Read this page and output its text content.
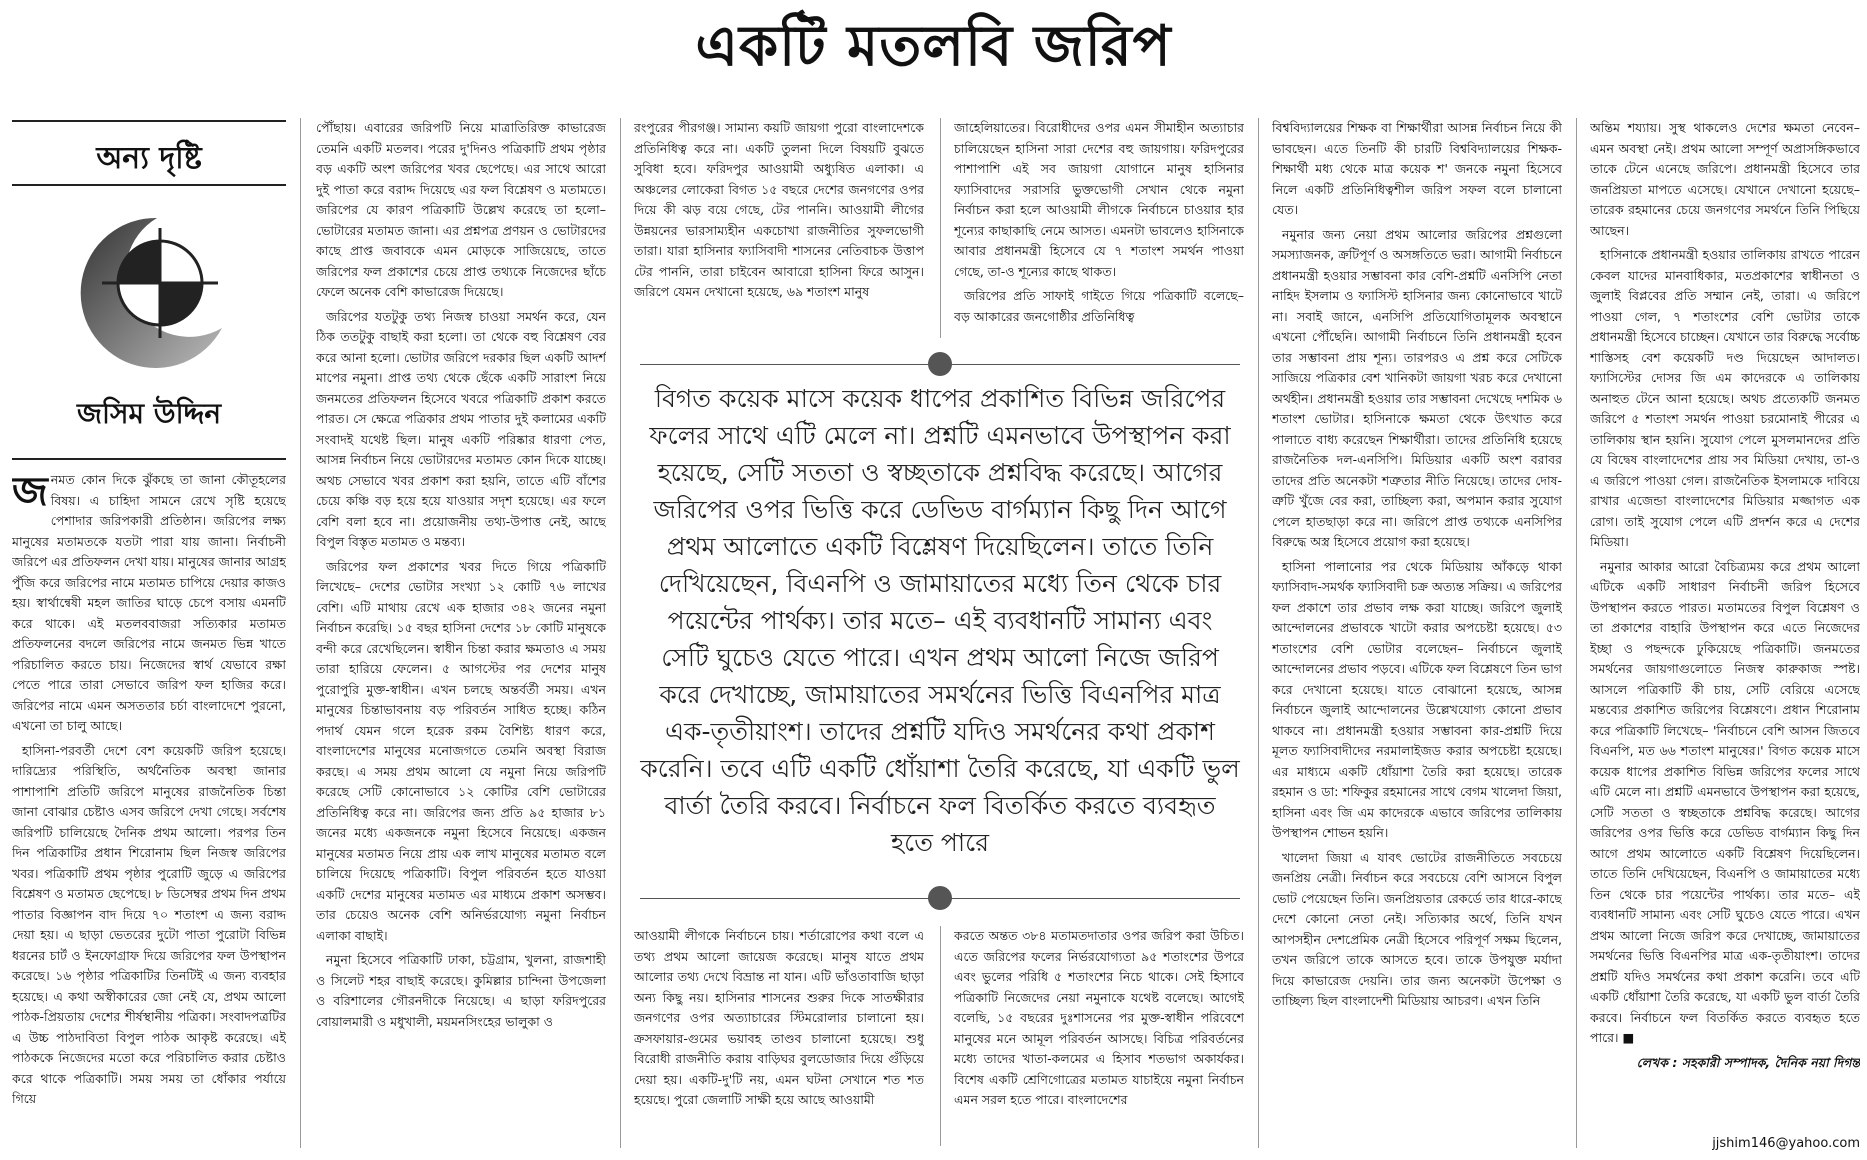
একটি মতলবি জরিপ
অন্য দৃষ্টি
জসিম উদ্দিন

জনমত কোন দিকে ঝুঁকছে তা জানা কৌতূহলের বিষয়। এ চাহিদা সামনে রেখে সৃষ্টি হয়েছে পেশাদার জরিপকারী প্রতিষ্ঠান। জরিপের লক্ষ্য মানুষের মতামতকে যতটা পারা যায় জানা। নির্বাচনী জরিপে এর প্রতিফলন দেখা যায়। মানুষের জানার আগ্রহ পুঁজি করে জরিপের নামে মতামত চাপিয়ে দেয়ার কাজও হয়। স্বার্থান্বেষী মহল জাতির ঘাড়ে চেপে বসায় এমনটি করে থাকে। এই মতলববাজরা সত্যিকার মতামত প্রতিফলনের বদলে জরিপের নামে জনমত ভিন্ন খাতে পরিচালিত করতে চায়। নিজেদের স্বার্থ যেভাবে রক্ষা পেতে পারে তারা সেভাবে জরিপ ফল হাজির করে। জরিপের নামে এমন অসততার চর্চা বাংলাদেশে পুরনো, এখনো তা চালু আছে।

হাসিনা-পরবর্তী দেশে বেশ কয়েকটি জরিপ হয়েছে। দারিদ্র্যের পরিস্থিতি, অর্থনৈতিক অবস্থা জানার পাশাপাশি প্রতিটি জরিপে মানুষের রাজনৈতিক চিন্তা জানা বোঝার চেষ্টাও এসব জরিপে দেখা গেছে। সর্বশেষ জরিপটি চালিয়েছে দৈনিক প্রথম আলো। পরপর তিন দিন পত্রিকাটির প্রধান শিরোনাম ছিল নিজস্ব জরিপের খবর। পত্রিকাটি প্রথম পৃষ্ঠার পুরোটি জুড়ে এ জরিপের বিশ্লেষণ ও মতামত ছেপেছে। ৮ ডিসেম্বর প্রথম দিন প্রথম পাতার বিজ্ঞাপন বাদ দিয়ে ৭০ শতাংশ এ জন্য বরাদ্দ দেয়া হয়। এ ছাড়া ভেতরের দুটো পাতা পুরোটা বিভিন্ন ধরনের চার্ট ও ইনফোগ্রাফ দিয়ে জরিপের ফল উপস্থাপন করেছে। ১৬ পৃষ্ঠার পত্রিকাটির তিনটিই এ জন্য ব্যবহার হয়েছে। এ কথা অস্বীকারের জো নেই যে, প্রথম আলো পাঠক-প্রিয়তায় দেশের শীর্ষস্থানীয় পত্রিকা। সংবাদপত্রটির এ উচ্চ পাঠদাবিতা বিপুল পাঠক আকৃষ্ট করেছে। এই পাঠককে নিজেদের মতো করে পরিচালিত করার চেষ্টাও করে থাকে পত্রিকাটি। সময় সময় তা ধোঁকার পর্যায়ে গিয়ে

পৌঁছায়। এবারের জরিপটি নিয়ে মাত্রাতিরিক্ত কাভারেজ তেমনি একটি মতলব। পরের দু'দিনও পত্রিকাটি প্রথম পৃষ্ঠার বড় একটি অংশ জরিপের খবর ছেপেছে। এর সাথে আরো দুই পাতা করে বরাদ্দ দিয়েছে এর ফল বিশ্লেষণ ও মতামতে। জরিপের যে কারণ পত্রিকাটি উল্লেখ করেছে তা হলো– ভোটারের মতামত জানা। এর প্রশ্নপত্র প্রণয়ন ও ভোটারদের কাছে প্রাপ্ত জবাবকে এমন মোড়কে সাজিয়েছে, তাতে জরিপের ফল প্রকাশের চেয়ে প্রাপ্ত তথ্যকে নিজেদের ছাঁচে ফেলে অনেক বেশি কাভারেজ দিয়েছে।

জরিপের যতটুকু তথ্য নিজস্ব চাওয়া সমর্থন করে, যেন ঠিক ততটুকু বাছাই করা হলো। তা থেকে বহু বিশ্লেষণ বের করে আনা হলো। ভোটার জরিপে দরকার ছিল একটি আদর্শ মাপের নমুনা। প্রাপ্ত তথ্য থেকে ছেঁকে একটি সারাংশ নিয়ে জনমতের প্রতিফলন হিসেবে খবরে পত্রিকাটি প্রকাশ করতে পারত। সে ক্ষেত্রে পত্রিকার প্রথম পাতার দুই কলামের একটি সংবাদই যথেষ্ট ছিল। মানুষ একটি পরিষ্কার ধারণা পেত, আসন্ন নির্বাচন নিয়ে ভোটারদের মতামত কোন দিকে যাচ্ছে। অথচ সেভাবে খবর প্রকাশ করা হয়নি, তাতে এটি বাঁশের চেয়ে কঞ্চি বড় হয়ে হয়ে যাওয়ার সদৃশ হয়েছে। এর ফলে বেশি বলা হবে না। প্রয়োজনীয় তথ্য-উপাত্ত নেই, আছে বিপুল বিস্তৃত মতামত ও মন্তব্য।

জরিপের ফল প্রকাশের খবর দিতে গিয়ে পত্রিকাটি লিখেছে– দেশের ভোটার সংখ্যা ১২ কোটি ৭৬ লাখের বেশি। এটি মাথায় রেখে এক হাজার ৩৪২ জনের নমুনা নির্বাচন করেছি। ১৫ বছর হাসিনা দেশের ১৮ কোটি মানুষকে বন্দী করে রেখেছিলেন। স্বাধীন চিন্তা করার ক্ষমতাও এ সময় তারা হারিয়ে ফেলেন। ৫ আগস্টের পর দেশের মানুষ পুরোপুরি মুক্ত-স্বাধীন। এখন চলছে অন্তর্বর্তী সময়। এখন মানুষের চিন্তাভাবনায় বড় পরিবর্তন সাধিত হচ্ছে। কঠিন পদার্থ যেমন গলে হরেক রকম বৈশিষ্ট্য ধারণ করে, বাংলাদেশের মানুষের মনোজগতে তেমনি অবস্থা বিরাজ করছে। এ সময় প্রথম আলো যে নমুনা নিয়ে জরিপটি করেছে সেটি কোনোভাবে ১২ কোটির বেশি ভোটারের প্রতিনিধিত্ব করে না। জরিপের জন্য প্রতি ৯৫ হাজার ৮১ জনের মধ্যে একজনকে নমুনা হিসেবে নিয়েছে। একজন মানুষের মতামত নিয়ে প্রায় এক লাখ মানুষের মতামত বলে চালিয়ে দিয়েছে পত্রিকাটি। বিপুল পরিবর্তন হতে যাওয়া একটি দেশের মানুষের মতামত এর মাধ্যমে প্রকাশ অসম্ভব। তার চেয়েও অনেক বেশি অনির্ভরযোগ্য নমুনা নির্বাচন এলাকা বাছাই।

নমুনা হিসেবে পত্রিকাটি ঢাকা, চট্টগ্রাম, খুলনা, রাজশাহী ও সিলেট শহর বাছাই করেছে। কুমিল্লার চান্দিনা উপজেলা ও বরিশালের গৌরনদীকে নিয়েছে। এ ছাড়া ফরিদপুরের বোয়ালমারী ও মধুখালী, ময়মনসিংহের ভালুকা ও

রংপুরের পীরগঞ্জ। সামান্য কয়টি জায়গা পুরো বাংলাদেশকে প্রতিনিধিত্ব করে না। একটি তুলনা দিলে বিষয়টি বুঝতে সুবিধা হবে। ফরিদপুর আওয়ামী অধ্যুষিত এলাকা। এ অঞ্চলের লোকেরা বিগত ১৫ বছরে দেশের জনগণের ওপর দিয়ে কী ঝড় বয়ে গেছে, টের পাননি। আওয়ামী লীগের উন্নয়নের ভারসাম্যহীন একচোখা রাজনীতির সুফলভোগী তারা। যারা হাসিনার ফ্যাসিবাদী শাসনের নেতিবাচক উত্তাপ টের পাননি, তারা চাইবেন আবারো হাসিনা ফিরে আসুন। জরিপে যেমন দেখানো হয়েছে, ৬৯ শতাংশ মানুষ

জাহেলিয়াতের। বিরোধীদের ওপর এমন সীমাহীন অত্যাচার চালিয়েছেন হাসিনা সারা দেশের বহু জায়গায়। ফরিদপুরের পাশাপাশি এই সব জায়গা যোগানে মানুষ হাসিনার ফ্যাসিবাদের সরাসরি ভুক্তভোগী সেখান থেকে নমুনা নির্বাচন করা হলে আওয়ামী লীগকে নির্বাচনে চাওয়ার হার শূন্যের কাছাকাছি নেমে আসত। এমনটা ভাবলেও হাসিনাকে আবার প্রধানমন্ত্রী হিসেবে যে ৭ শতাংশ সমর্থন পাওয়া গেছে, তা-ও শূন্যের কাছে থাকত।

জরিপের প্রতি সাফাই গাইতে গিয়ে পত্রিকাটি বলেছে– বড় আকারের জনগোষ্ঠীর প্রতিনিধিত্ব

বিগত কয়েক মাসে কয়েক ধাপের প্রকাশিত বিভিন্ন জরিপের ফলের সাথে এটি মেলে না। প্রশ্নটি এমনভাবে উপস্থাপন করা হয়েছে, সেটি সততা ও স্বচ্ছতাকে প্রশ্নবিদ্ধ করেছে। আগের জরিপের ওপর ভিত্তি করে ডেভিড বার্গম্যান কিছু দিন আগে প্রথম আলোতে একটি বিশ্লেষণ দিয়েছিলেন। তাতে তিনি দেখিয়েছেন, বিএনপি ও জামায়াতের মধ্যে তিন থেকে চার পয়েন্টের পার্থক্য। তার মতে– এই ব্যবধানটি সামান্য এবং সেটি ঘুচেও যেতে পারে। এখন প্রথম আলো নিজে জরিপ করে দেখাচ্ছে, জামায়াতের সমর্থনের ভিত্তি বিএনপির মাত্র এক-তৃতীয়াংশ। তাদের প্রশ্নটি যদিও সমর্থনের কথা প্রকাশ করেনি। তবে এটি একটি ধোঁয়াশা তৈরি করেছে, যা একটি ভুল বার্তা তৈরি করবে। নির্বাচনে ফল বিতর্কিত করতে ব্যবহৃত হতে পারে

আওয়ামী লীগকে নির্বাচনে চায়। শর্তারোপের কথা বলে এ তথ্য প্রথম আলো জায়েজ করেছে। মানুষ যাতে প্রথম আলোর তথ্য দেখে বিভ্রান্ত না যান। এটি ভাঁওতাবাজি ছাড়া অন্য কিছু নয়। হাসিনার শাসনের শুরুর দিকে সাতক্ষীরার জনগণের ওপর অত্যাচারের স্টিমরোলার চালানো হয়। ক্রসফায়ার-গুমের ভয়াবহ তাণ্ডব চালানো হয়েছে। শুধু বিরোধী রাজনীতি করায় বাড়িঘর বুলডোজার দিয়ে গুঁড়িয়ে দেয়া হয়। একটি-দু'টি নয়, এমন ঘটনা সেখানে শত শত হয়েছে। পুরো জেলাটি সাক্ষী হয়ে আছে আওয়ামী

করতে অন্তত ৩৮৪ মতামতদাতার ওপর জরিপ করা উচিত। এতে জরিপের ফলের নির্ভরযোগ্যতা ৯৫ শতাংশের উপরে এবং ভুলের পরিধি ৫ শতাংশের নিচে থাকে। সেই হিসাবে পত্রিকাটি নিজেদের নেয়া নমুনাকে যথেষ্ট বলেছে। আগেই বলেছি, ১৫ বছরের দুঃশাসনের পর মুক্ত-স্বাধীন পরিবেশে মানুষের মনে আমূল পরিবর্তন আসছে। বিচিত্র পরিবর্তনের মধ্যে তাদের খাতা-কলমের এ হিসাব শতভাগ অকার্যকর। বিশেষ একটি শ্রেণিগোত্রের মতামত যাচাইয়ে নমুনা নির্বাচন এমন সরল হতে পারে। বাংলাদেশের

বিশ্ববিদ্যালয়ের শিক্ষক বা শিক্ষার্থীরা আসন্ন নির্বাচন নিয়ে কী ভাবছেন। এতে তিনটি কী চারটি বিশ্ববিদ্যালয়ের শিক্ষক-শিক্ষার্থী মধ্য থেকে মাত্র কয়েক শ' জনকে নমুনা হিসেবে নিলে একটি প্রতিনিধিত্বশীল জরিপ সফল বলে চালানো যেত।

নমুনার জন্য নেয়া প্রথম আলোর জরিপের প্রশ্নগুলো সমস্যাজনক, ক্রটিপূর্ণ ও অসঙ্গতিতে ভরা। আগামী নির্বাচনে প্রধানমন্ত্রী হওয়ার সম্ভাবনা কার বেশি-প্রশ্নটি এনসিপি নেতা নাহিদ ইসলাম ও ফ্যাসিস্ট হাসিনার জন্য কোনোভাবে খাটে না। সবাই জানে, এনসিপি প্রতিযোগিতামূলক অবস্থানে এখনো পৌঁছেনি। আগামী নির্বাচনে তিনি প্রধানমন্ত্রী হবেন তার সম্ভাবনা প্রায় শূন্য। তারপরও এ প্রশ্ন করে সেটিকে সাজিয়ে পত্রিকার বেশ খানিকটা জায়গা খরচ করে দেখানো অর্থহীন। প্রধানমন্ত্রী হওয়ার তার সম্ভাবনা দেখেছে দশমিক ৬ শতাংশ ভোটার। হাসিনাকে ক্ষমতা থেকে উৎখাত করে পালাতে বাধ্য করেছেন শিক্ষার্থীরা। তাদের প্রতিনিধি হয়েছে রাজনৈতিক দল-এনসিপি। মিডিয়ার একটি অংশ বরাবর তাদের প্রতি অনেকটা শত্রুতার নীতি নিয়েছে। তাদের দোষ-ত্রুটি খুঁজে বের করা, তাচ্ছিল্য করা, অপমান করার সুযোগ পেলে হাতছাড়া করে না। জরিপে প্রাপ্ত তথ্যকে এনসিপির বিরুদ্ধে অস্ত্র হিসেবে প্রয়োগ করা হয়েছে।

হাসিনা পালানোর পর থেকে মিডিয়ায় আঁকড়ে থাকা ফ্যাসিবাদ-সমর্থক ফ্যাসিবাদী চক্র অত্যন্ত সক্রিয়। এ জরিপের ফল প্রকাশে তার প্রভাব লক্ষ করা যাচ্ছে। জরিপে জুলাই আন্দোলনের প্রভাবকে খাটো করার অপচেষ্টা হয়েছে। ৫৩ শতাংশের বেশি ভোটার বলেছেন– নির্বাচনে জুলাই আন্দোলনের প্রভাব পড়বে। এটিকে ফল বিশ্লেষণে তিন ভাগ করে দেখানো হয়েছে। যাতে বোঝানো হয়েছে, আসন্ন নির্বাচনে জুলাই আন্দোলনের উল্লেখযোগ্য কোনো প্রভাব থাকবে না। প্রধানমন্ত্রী হওয়ার সম্ভাবনা কার-প্রশ্নটি দিয়ে মূলত ফ্যাসিবাদীদের নরমালাইজড করার অপচেষ্টা হয়েছে। এর মাধ্যমে একটি ধোঁয়াশা তৈরি করা হয়েছে। তারেক রহমান ও ডা: শফিকুর রহমানের সাথে বেগম খালেদা জিয়া, হাসিনা এবং জি এম কাদেরকে এভাবে জরিপের তালিকায় উপস্থাপন শোভন হয়নি।

খালেদা জিয়া এ যাবৎ ভোটের রাজনীতিতে সবচেয়ে জনপ্রিয় নেত্রী। নির্বাচন করে সবচেয়ে বেশি আসনে বিপুল ভোট পেয়েছেন তিনি। জনপ্রিয়তার রেকর্ডে তার ধারে-কাছে দেশে কোনো নেতা নেই। সত্যিকার অর্থে, তিনি যখন আপসহীন দেশপ্রেমিক নেত্রী হিসেবে পরিপূর্ণ সক্ষম ছিলেন, তখন জরিপে তাকে আসতে হবে। তাকে উপযুক্ত মর্যাদা দিয়ে কাভারেজ দেয়নি। তার জন্য অনেকটা উপেক্ষা ও তাচ্ছিল্য ছিল বাংলাদেশী মিডিয়ায় আচরণ। এখন তিনি

অন্তিম শয্যায়। সুস্থ থাকলেও দেশের ক্ষমতা নেবেন– এমন অবস্থা নেই। প্রথম আলো সম্পূর্ণ অপ্রাসঙ্গিকভাবে তাকে টেনে এনেছে জরিপে। প্রধানমন্ত্রী হিসেবে তার জনপ্রিয়তা মাপতে এসেছে। যেখানে দেখানো হয়েছে– তারেক রহমানের চেয়ে জনগণের সমর্থনে তিনি পিছিয়ে আছেন।

হাসিনাকে প্রধানমন্ত্রী হওয়ার তালিকায় রাখতে পারেন কেবল যাদের মানবাধিকার, মতপ্রকাশের স্বাধীনতা ও জুলাই বিপ্লবের প্রতি সম্মান নেই, তারা। এ জরিপে পাওয়া গেল, ৭ শতাংশের বেশি ভোটার তাকে প্রধানমন্ত্রী হিসেবে চাচ্ছেন। যেখানে তার বিরুদ্ধে সর্বোচ্চ শাস্তিসহ বেশ কয়েকটি দণ্ড দিয়েছেন আদালত। ফ্যাসিস্টের দোসর জি এম কাদেরকে এ তালিকায় অনাহুত টেনে আনা হয়েছে। অথচ প্রত্যেকটি জনমত জরিপে ৫ শতাংশ সমর্থন পাওয়া চরমোনাই পীরের এ তালিকায় স্থান হয়নি। সুযোগ পেলে মুসলমানদের প্রতি যে বিদ্বেষ বাংলাদেশের প্রায় সব মিডিয়া দেখায়, তা-ও এ জরিপে পাওয়া গেল। রাজনৈতিক ইসলামকে দাবিয়ে রাখার এজেন্ডা বাংলাদেশের মিডিয়ার মজ্জাগত এক রোগ। তাই সুযোগ পেলে এটি প্রদর্শন করে এ দেশের মিডিয়া।

নমুনার আকার আরো বৈচিত্র্যময় করে প্রথম আলো এটিকে একটি সাধারণ নির্বাচনী জরিপ হিসেবে উপস্থাপন করতে পারত। মতামতের বিপুল বিশ্লেষণ ও তা প্রকাশের বাহারি উপস্থাপন করে এতে নিজেদের ইচ্ছা ও পছন্দকে ঢুকিয়েছে পত্রিকাটি। জনমতের সমর্থনের জায়গাগুলোতে নিজস্ব কারুকাজ স্পষ্ট। আসলে পত্রিকাটি কী চায়, সেটি বেরিয়ে এসেছে মন্তব্যের প্রকাশিত জরিপের বিশ্লেষণে। প্রধান শিরোনাম করে পত্রিকাটি লিখেছে– 'নির্বাচনে বেশি আসন জিতবে বিএনপি, মত ৬৬ শতাংশ মানুষের।' বিগত কয়েক মাসে কয়েক ধাপের প্রকাশিত বিভিন্ন জরিপের ফলের সাথে এটি মেলে না। প্রশ্নটি এমনভাবে উপস্থাপন করা হয়েছে, সেটি সততা ও স্বচ্ছতাকে প্রশ্নবিদ্ধ করেছে। আগের জরিপের ওপর ভিত্তি করে ডেভিড বার্গম্যান কিছু দিন আগে প্রথম আলোতে একটি বিশ্লেষণ দিয়েছিলেন। তাতে তিনি দেখিয়েছেন, বিএনপি ও জামায়াতের মধ্যে তিন থেকে চার পয়েন্টের পার্থক্য। তার মতে– এই ব্যবধানটি সামান্য এবং সেটি ঘুচেও যেতে পারে। এখন প্রথম আলো নিজে জরিপ করে দেখাচ্ছে, জামায়াতের সমর্থনের ভিত্তি বিএনপির মাত্র এক-তৃতীয়াংশ। তাদের প্রশ্নটি যদিও সমর্থনের কথা প্রকাশ করেনি। তবে এটি একটি ধোঁয়াশা তৈরি করেছে, যা একটি ভুল বার্তা তৈরি করবে। নির্বাচনে ফল বিতর্কিত করতে ব্যবহৃত হতে পারে। ■

লেখক : সহকারী সম্পাদক, দৈনিক নয়া দিগন্ত

jjshim146@yahoo.com
